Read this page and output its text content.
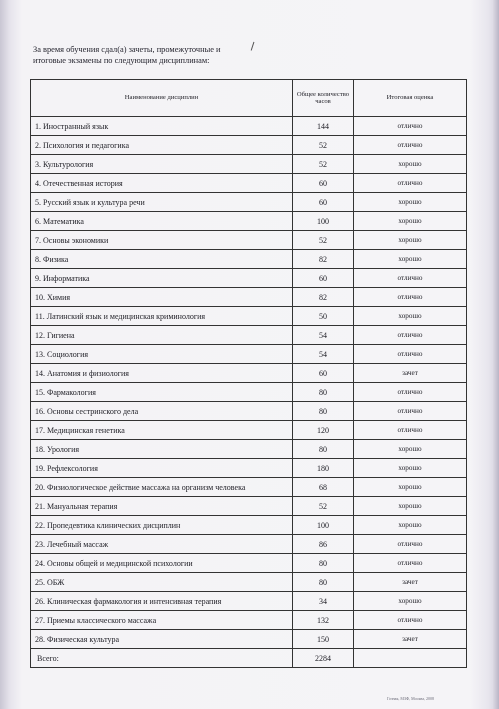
За время обучения сдал(а) зачеты, промежуточные и
итоговые экзамены по следующим дисциплинам:
Наименование дисциплин	Общее количество часов	Итоговая оценка
1. Иностранный язык	144	отлично
2. Психология и педагогика	52	отлично
3. Культурология	52	хорошо
4. Отечественная история	60	отлично
5. Русский язык и культура речи	60	хорошо
6. Математика	100	хорошо
7. Основы экономики	52	хорошо
8. Физика	82	хорошо
9. Информатика	60	отлично
10. Химия	82	отлично
11. Латинский язык и медицинская криминология	50	хорошо
12. Гигиена	54	отлично
13. Социология	54	отлично
14. Анатомия и физиология	60	зачет
15. Фармакология	80	отлично
16. Основы сестринского дела	80	отлично
17. Медицинская генетика	120	отлично
18. Урология	80	хорошо
19. Рефлексология	180	хорошо
20. Физиологическое действие массажа на организм человека	68	хорошо
21. Мануальная терапия	52	хорошо
22. Пропедевтика клинических дисциплин	100	хорошо
23. Лечебный массаж	86	отлично
24. Основы общей и медицинской психологии	80	отлично
25. ОБЖ	80	зачет
26. Клиническая фармакология и интенсивная терапия	34	хорошо
27. Приемы классического массажа	132	отлично
28. Физическая культура	150	зачет
Всего:	2284	
Гознак, МЗФ, Москва, 2008
